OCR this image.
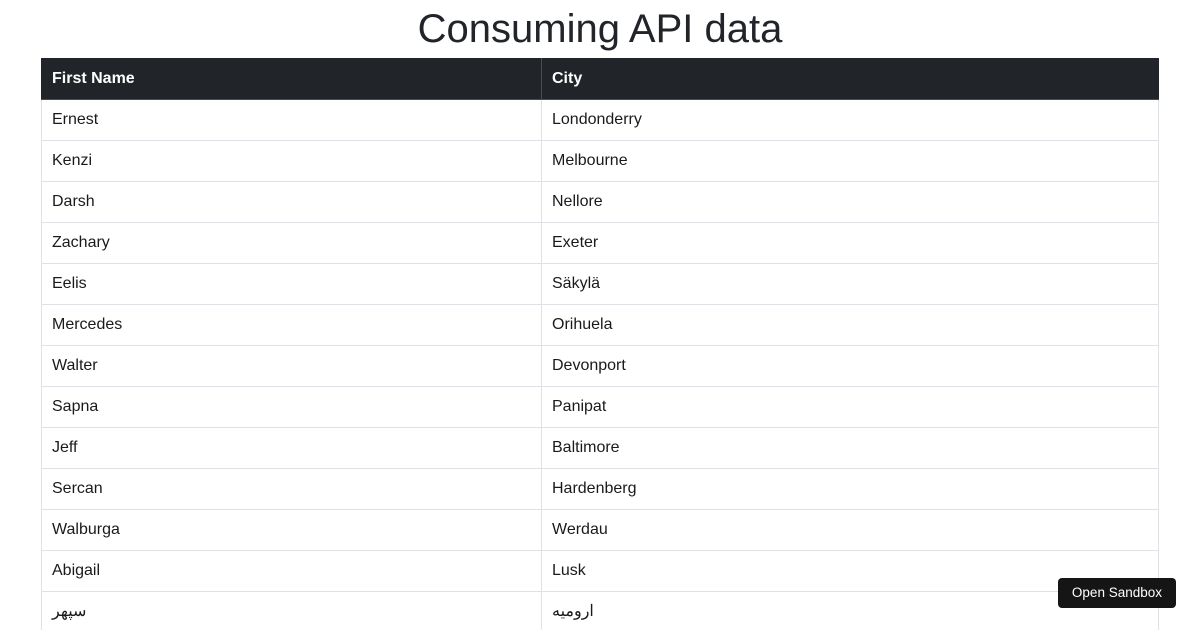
Consuming API data
First Name	City
Ernest	Londonderry
Kenzi	Melbourne
Darsh	Nellore
Zachary	Exeter
Eelis	Säkylä
Mercedes	Orihuela
Walter	Devonport
Sapna	Panipat
Jeff	Baltimore
Sercan	Hardenberg
Walburga	Werdau
Abigail	Lusk
سپهر	ارومیه
Open Sandbox
